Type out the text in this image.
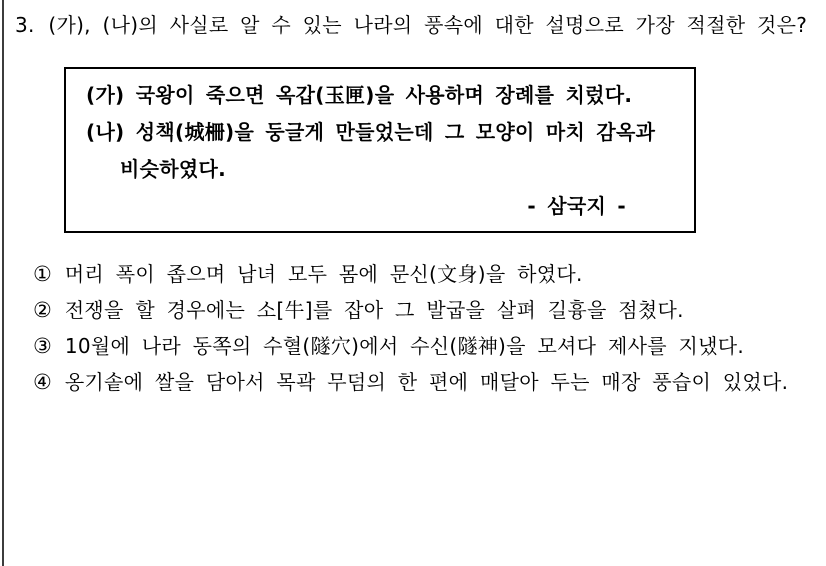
3. (가), (나)의 사실로 알 수 있는 나라의 풍속에 대한 설명으로 가장 적절한 것은?
(가) 국왕이 죽으면 옥갑(玉匣)을 사용하며 장례를 치렀다.
(나) 성책(城柵)을 둥글게 만들었는데 그 모양이 마치 감옥과 비슷하였다.
- 삼국지 -
① 머리 폭이 좁으며 남녀 모두 몸에 문신(文身)을 하였다.
② 전쟁을 할 경우에는 소[牛]를 잡아 그 발굽을 살펴 길흉을 점쳤다.
③ 10월에 나라 동쪽의 수혈(隧穴)에서 수신(隧神)을 모셔다 제사를 지냈다.
④ 옹기솥에 쌀을 담아서 목곽 무덤의 한 편에 매달아 두는 매장 풍습이 있었다.
